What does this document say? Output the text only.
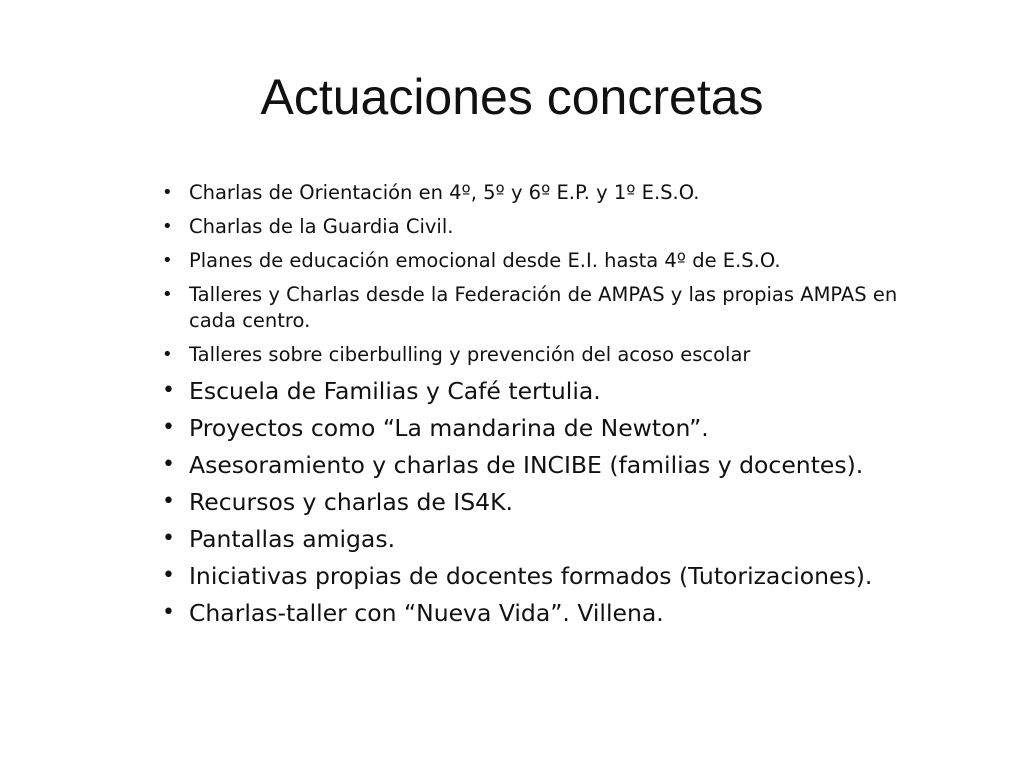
Actuaciones concretas
• Charlas de Orientación en 4º, 5º y 6º E.P. y 1º E.S.O.
• Charlas de la Guardia Civil.
• Planes de educación emocional desde E.I. hasta 4º de E.S.O.
• Talleres y Charlas desde la Federación de AMPAS y las propias AMPAS en cada centro.
• Talleres sobre ciberbulling y prevención del acoso escolar
• Escuela de Familias y Café tertulia.
• Proyectos como “La mandarina de Newton”.
• Asesoramiento y charlas de INCIBE (familias y docentes).
• Recursos y charlas de IS4K.
• Pantallas amigas.
• Iniciativas propias de docentes formados (Tutorizaciones).
• Charlas-taller con “Nueva Vida”. Villena.
